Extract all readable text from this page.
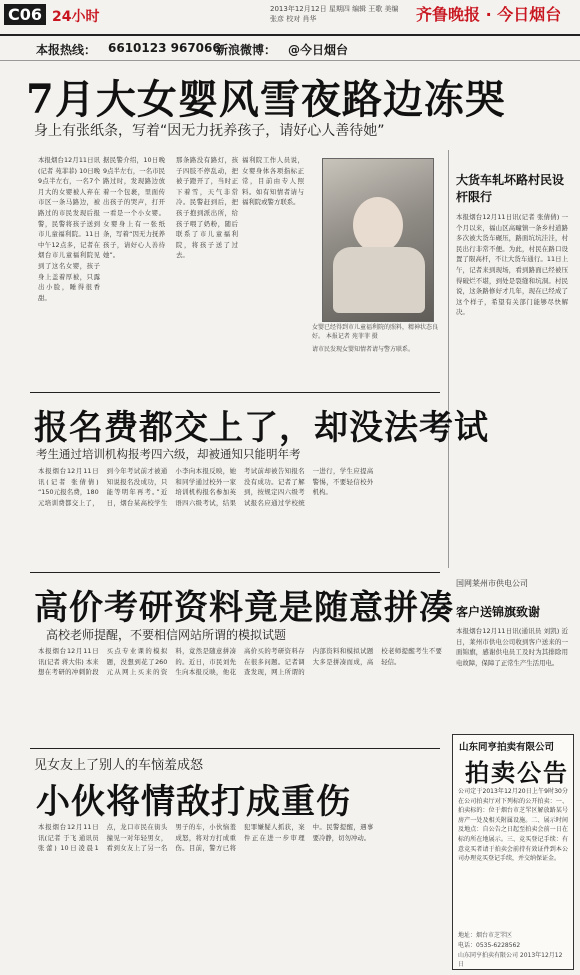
C06 24小时	2013年12月12日 星期四 编辑 王歌 美编 张彦 校对 肖华	齐鲁晚报 · 今日烟台
本报热线： 6610123 967066
新浪微博： @今日烟台
7月大女婴风雪夜路边冻哭
身上有张纸条，写着“因无力抚养孩子，请好心人善待她”
本报烟台12月11日讯(记者 苑菲菲) 10日晚9点半左右，一名7个月大的女婴被人弃在市区一条马路边，被路过的市民发现后报警，民警将孩子送到市儿童福利院。11日中午12点多，记者在烟台市儿童福利院见到了这名女婴，孩子身上盖着厚被，只露出小脸，睡得很香甜。
据民警介绍，10日晚9点半左右，一名市民路过时，发现路边放着一个包裹，里面传出孩子的哭声，打开一看是一个小女婴。女婴身上有一张纸条，写着“因无力抚养孩子，请好心人善待她”。
那条路没有路灯，孩子四肢不停乱动，把被子蹬开了，当时正下着雪，天气非常冷。民警赶到后，把孩子抱到派出所，给孩子喂了奶粉，随后联系了市儿童福利院，将孩子送了过去。
福利院工作人员说，女婴身体各项指标正常，目前由专人照料。如有知情者请与福利院或警方联系。
女婴已经得到市儿童福利院的照料，精神状态良好。 本报记者 苑菲菲 摄
请市民发现女婴知情者请与警方联系。
大货车轧坏路村民设杆限行
本报烟台12月11日讯(记者 张倩倩) 一个月以来，福山区高疃镇一条乡村道路多次被大货车碾压，路面坑坑洼洼，村民出行非常不便。为此，村民在路口设置了限高杆，不让大货车通行。11日上午，记者来到现场，看到路面已经被压得破烂不堪，到处是裂缝和坑洞。村民说，这条路修好才几年，现在已经成了这个样子，希望有关部门能够尽快解决。
报名费都交上了，却没法考试
考生通过培训机构报考四六级，却被通知只能明年考
本报烟台12月11日讯(记者 张倩倩) “150元报名费，180元培训费都交上了，到今年考试前才被通知说报名没成功，只能等明年再考。”近日，烟台某高校学生小李向本报反映，她和同学通过校外一家培训机构报名参加英语四六级考试，结果考试前却被告知报名没有成功。记者了解到，按规定四六级考试报名应通过学校统一进行，学生应提高警惕，不要轻信校外机构。
高价考研资料竟是随意拼凑
高校老师提醒，不要相信网站所谓的模拟试题
本报烟台12月11日讯(记者 蒋大伟) 本来想在考研的冲刺阶段买点专业课的模拟题，没想到花了260元从网上买来的资料，竟然是随意拼凑的。近日，市民刘先生向本报反映，他花高价买的考研资料存在很多问题。记者调查发现，网上所谓的内部资料和模拟试题大多是拼凑而成，高校老师提醒考生不要轻信。
国网莱州市供电公司
客户送锦旗致谢
本报烟台12月11日讯(通讯员 刘凯) 近日，莱州市供电公司收到客户送来的一面锦旗，感谢供电员工及时为其排除用电故障，保障了正常生产生活用电。
见女友上了别人的车恼羞成怒
小伙将情敌打成重伤
本报烟台12月11日讯(记者 于飞 通讯员 张蕾) 10日凌晨1点，龙口市民在街头撞见一对年轻男女，看到女友上了另一名男子的车，小伙恼羞成怒，将对方打成重伤。目前，警方已将犯罪嫌疑人抓获，案件正在进一步审理中。民警提醒，遇事要冷静，切勿冲动。
山东同亨拍卖有限公司
拍卖公告
公司定于2013年12月20日上午9时30分在公司拍卖厅对下列标的公开拍卖：一、拍卖标的：位于烟台市芝罘区解放路某号房产一处及相关附属设施。二、展示时间及地点：自公告之日起至拍卖会前一日在标的所在地展示。三、竞买登记手续：有意竞买者请于拍卖会前持有效证件到本公司办理竞买登记手续，并交纳保证金。
地址：烟台市芝罘区
电话：0535-6228562
山东同亨拍卖有限公司 2013年12月12日
